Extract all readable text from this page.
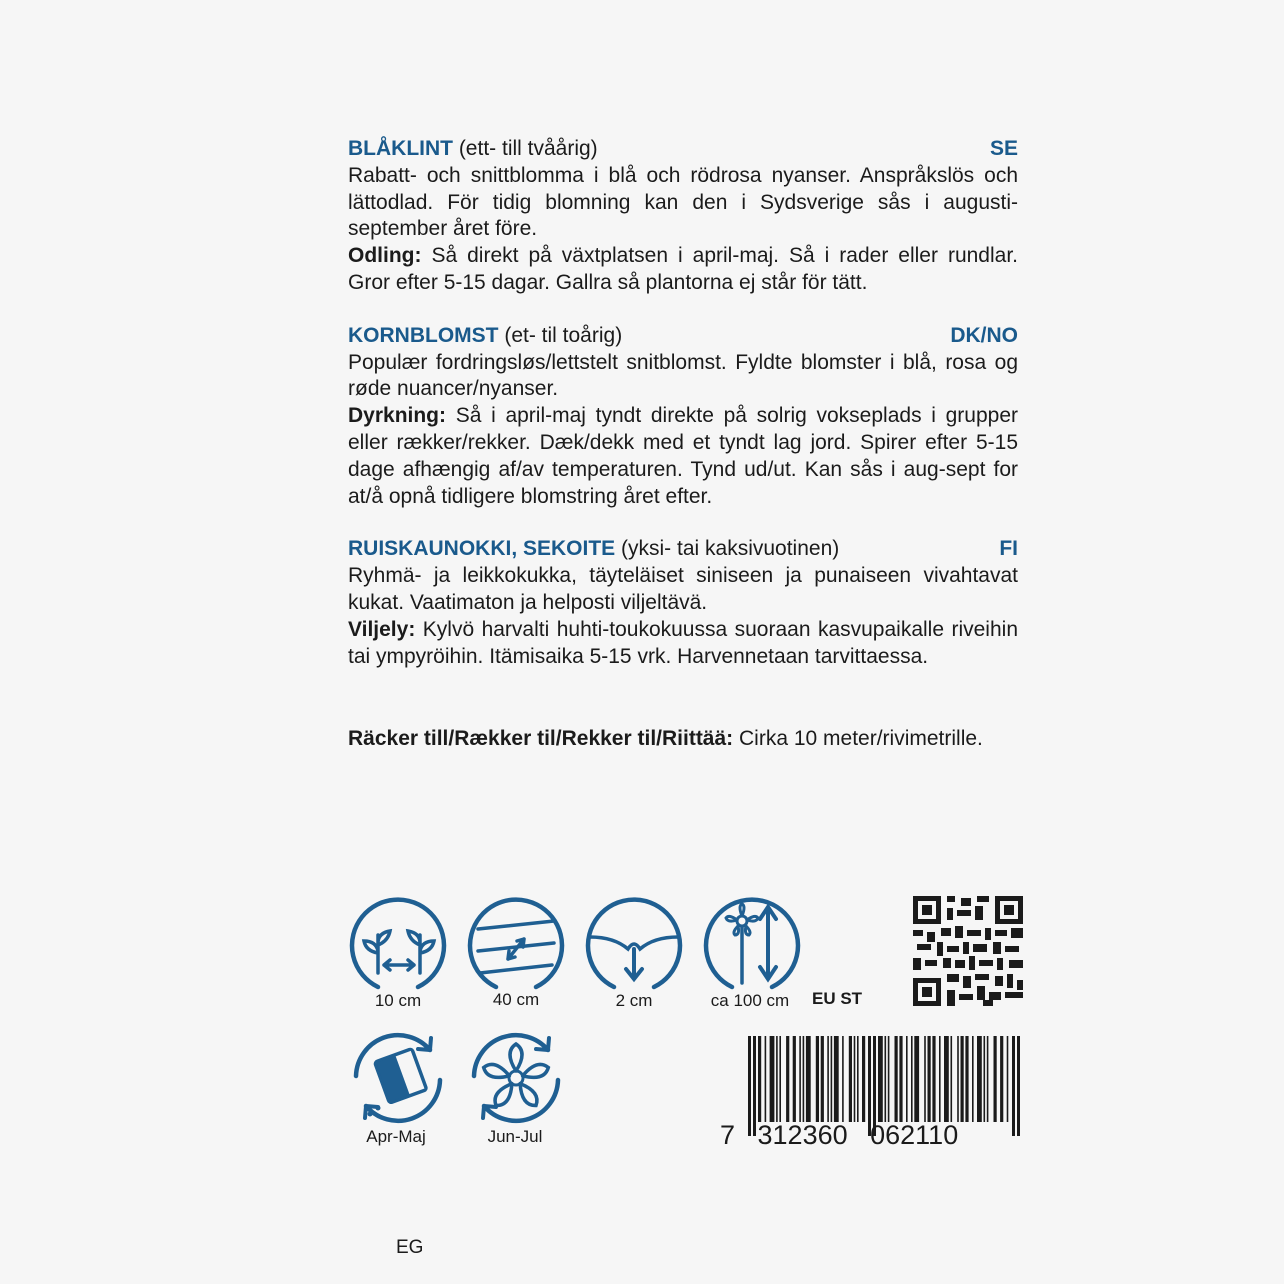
BLÅKLINT (ett- till tvåårig)	SE
Rabatt- och snittblomma i blå och rödrosa nyanser. Anspråkslös och lättodlad. För tidig blomning kan den i Sydsverige sås i augusti-september året före.
Odling: Så direkt på växtplatsen i april-maj. Så i rader eller rundlar. Gror efter 5-15 dagar. Gallra så plantorna ej står för tätt.
KORNBLOMST (et- til toårig)	DK/NO
Populær fordringsløs/lettstelt snitblomst. Fyldte blomster i blå, rosa og røde nuancer/nyanser.
Dyrkning: Så i april-maj tyndt direkte på solrig vokseplads i grupper eller rækker/rekker. Dæk/dekk med et tyndt lag jord. Spirer efter 5-15 dage afhængig af/av temperaturen. Tynd ud/ut. Kan sås i aug-sept for at/å opnå tidligere blomstring året efter.
RUISKAUNOKKI, SEKOITE (yksi- tai kaksivuotinen)	FI
Ryhmä- ja leikkokukka, täyteläiset siniseen ja punaiseen vivahtavat kukat. Vaatimaton ja helposti viljeltävä.
Viljely: Kylvö harvalti huhti-toukokuussa suoraan kasvupaikalle riveihin tai ympyröihin. Itämisaika 5-15 vrk. Harvennetaan tarvittaessa.
Räcker till/Rækker til/Rekker til/Riittää: Cirka 10 meter/rivimetrille.
10 cm	40 cm	2 cm	ca 100 cm
Apr-Maj	Jun-Jul
EU ST
7   312360   062110
EG
